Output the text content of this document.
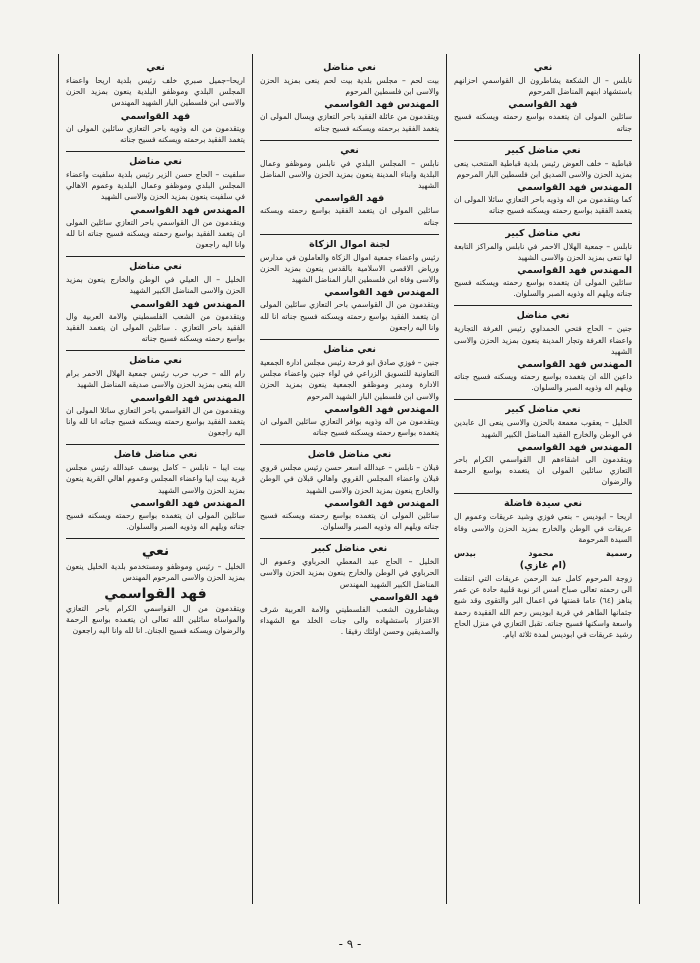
نعي

نابلس – ال الشكعة يشاطرون ال القواسمي احزانهم باستشهاد ابنهم المناضل المرحوم

فهد القواسمي

سائلين المولى ان يتغمده بواسع رحمته ويسكنه فسيح جناته

نعي مناضل كبير

قباطية – خلف العوض رئيس بلدية قباطية المنتخب ينعى بمزيد الحزن والاسى الصديق ابن فلسطين البار المرحوم

المهندس فهد القواسمي

كما ويتقدمون من اله وذويه باحر التعازي سائلا المولى ان يتغمد الفقيد بواسع رحمته ويسكنه فسيح جناته

نعي مناضل كبير

نابلس – جمعية الهلال الاحمر في نابلس والمراكز التابعة لها تنعى بمزيد الحزن والاسى الشهيد

المهندس فهد القواسمي

سائلين المولى ان يتغمده بواسع رحمته ويسكنه فسيح جناته ويلهم اله وذويه الصبر والسلوان.

نعي مناضل

جنين – الحاج فتحي الحمداوي رئيس الغرفة التجارية واعضاء الغرفة وتجار المدينة ينعون بمزيد الحزن والاسى الشهيد

المهندس فهد القواسمي

داعين الله ان يتغمده بواسع رحمته ويسكنه فسيح جناته ويلهم اله وذويه الصبر والسلوان.

نعي مناضل كبير

الخليل – يعقوب معمعة بالحزن والاسى ينعى ال عابدين في الوطن والخارج الفقيد المناضل الكبير الشهيد

المهندس فهد القواسمي

ويتقدمون الى اشقاءهم ال القواسمي الكرام باحر التعازي سائلين المولى ان يتغمده بواسع الرحمة والرضوان

نعي سيدة فاضلة

اريحا – ابوديس – بنعي فوزي وشيد عريقات وعموم ال عريقات في الوطن والخارج بمزيد الحزن والاسى وفاة السيدة المرحومة

رسمية
محمود
بيدس
(ام غازي)

زوجة المرحوم كامل عبد الرحمن عريقات التي انتقلت الى رحمته تعالى صباح امس اثر نوبة قلبية حادة عن عمر يناهز (٦٤) عاما قضتها في اعمال البر والتقوى وقد شيع جثمانها الطاهر في قرية ابوديس رحم الله الفقيدة رحمة واسعة واسكنها فسيح جناته. تقبل التعازي في منزل الحاج رشيد عريقات في ابوديس لمدة ثلاثة ايام.

نعي مناضل

بيت لحم – مجلس بلدية بيت لحم ينعى بمزيد الحزن والاسى ابن فلسطين المرحوم

المهندس فهد القواسمي

ويتقدمون من عائلة الفقيد باحر التعازي ويسال المولى ان يتغمد الفقيد برحمته ويسكنه فسيح جناته

نعي

نابلس – المجلس البلدي في نابلس وموظفو وعمال البلدية وابناء المدينة ينعون بمزيد الحزن والاسى المناضل الشهيد

فهد القواسمي

سائلين المولى ان يتغمد الفقيد بواسع رحمته ويسكنه جناته

لجنة اموال الزكاة

رئيس واعضاء جمعية اموال الزكاة والعاملون في مدارس ورياض الاقصى الاسلامية بالقدس ينعون بمزيد الحزن والاسى وفاة ابن فلسطين البار المناضل الشهيد

المهندس فهد القواسمي

ويتقدمون من ال القواسمي باحر التعازي سائلين المولى ان يتغمد الفقيد بواسع رحمته ويسكنه فسيح جناته انا لله وانا اليه راجعون

نعي مناضل

جنين – فوزي صادق ابو فرحة رئيس مجلس ادارة الجمعية التعاونية للتسويق الزراعي في لواء جنين واعضاء مجلس الادارة ومدير وموظفو الجمعية ينعون بمزيد الحزن والاسى ابن فلسطين البار الشهيد المرحوم

المهندس فهد القواسمي

ويتقدمون من اله وذويه بوافر التعازي سائلين المولى ان يتغمده بواسع رحمته ويسكنه فسيح جناته

نعي مناضل فاضل

قبلان – نابلس – عبدالله اسعر حسن رئيس مجلس قروي قبلان واعضاء المجلس القروي واهالي قبلان في الوطن والخارج ينعون بمزيد الحزن والاسى الشهيد

المهندس فهد القواسمي

سائلين المولى ان يتغمده بواسع رحمته ويسكنه فسيح جناته ويلهم اله وذويه الصبر والسلوان.

نعي مناضل كبير

الخليل – الحاج عبد المعطي الحرباوي وعموم ال الحرباوي في الوطن والخارج ينعون بمزيد الحزن والاسى المناضل الكبير الشهيد المهندس

فهد القواسمي

ويشاطرون الشعب الفلسطيني والامة العربية شرف الاعتزاز باستشهاده والى جنات الخلد مع الشهداء والصديقين وحسن اولئك رفيقا .

نعي

اريحا–جميل صبري خلف رئيس بلدية اريحا واعضاء المجلس البلدي وموظفو البلدية ينعون بمزيد الحزن والاسى ابن فلسطين البار الشهيد المهندس

فهد القواسمي

ويتقدمون من اله وذويه باحر التعازي سائلين المولى ان يتغمد الفقيد برحمته ويسكنه فسيح جناته

نعي مناضل

سلفيت – الحاج حسن الزير رئيس بلدية سلفيت واعضاء المجلس البلدي وموظفو وعمال البلدية وعموم الاهالي في سلفيت ينعون بمزيد الحزن والاسى الشهيد

المهندس فهد القواسمي

ويتقدمون من ال القواسمي باحر التعازي سائلين المولى ان يتغمد الفقيد بواسع رحمته ويسكنه فسيح جناته انا لله وانا اليه راجعون

نعي مناضل

الخليل – ال العيلي في الوطن والخارج ينعون بمزيد الحزن والاسى المناضل الكبير الشهيد

المهندس فهد القواسمي

ويتقدمون من الشعب الفلسطيني والامة العربية وال الفقيد باحر التعازي . سائلين المولى ان يتغمد الفقيد بواسع رحمته ويسكنه فسيح جناته

نعي مناضل

رام الله – حرب حرب رئيس جمعية الهلال الاحمر برام الله ينعى بمزيد الحزن والاسى صديقه المناضل الشهيد

المهندس فهد القواسمي

ويتقدمون من ال القواسمي باحر التعازي سائلا المولى ان يتغمد الفقيد بواسع رحمته ويسكنه فسيح جناته انا لله وانا اليه راجعون

نعي مناضل فاضل

بيت ايبا – نابلس – كامل يوسف عبدالله رئيس مجلس قرية بيت ايبا واعضاء المجلس وعموم اهالي القرية ينعون بمزيد الحزن والاسى الشهيد

المهندس فهد القواسمي

سائلين المولى ان يتغمده بواسع رحمته ويسكنه فسيح جناته ويلهم اله وذويه الصبر والسلوان.

نعي

الخليل – رئيس وموظفو ومستخدمو بلدية الخليل ينعون بمزيد الحزن والاسى المرحوم المهندس

فهد القواسمي

ويتقدمون من ال القواسمي الكرام باحر التعازي والمواساة سائلين الله تعالى ان يتغمده بواسع الرحمة والرضوان ويسكنه فسيح الجنان. انا لله وانا اليه راجعون

- ٩ -
